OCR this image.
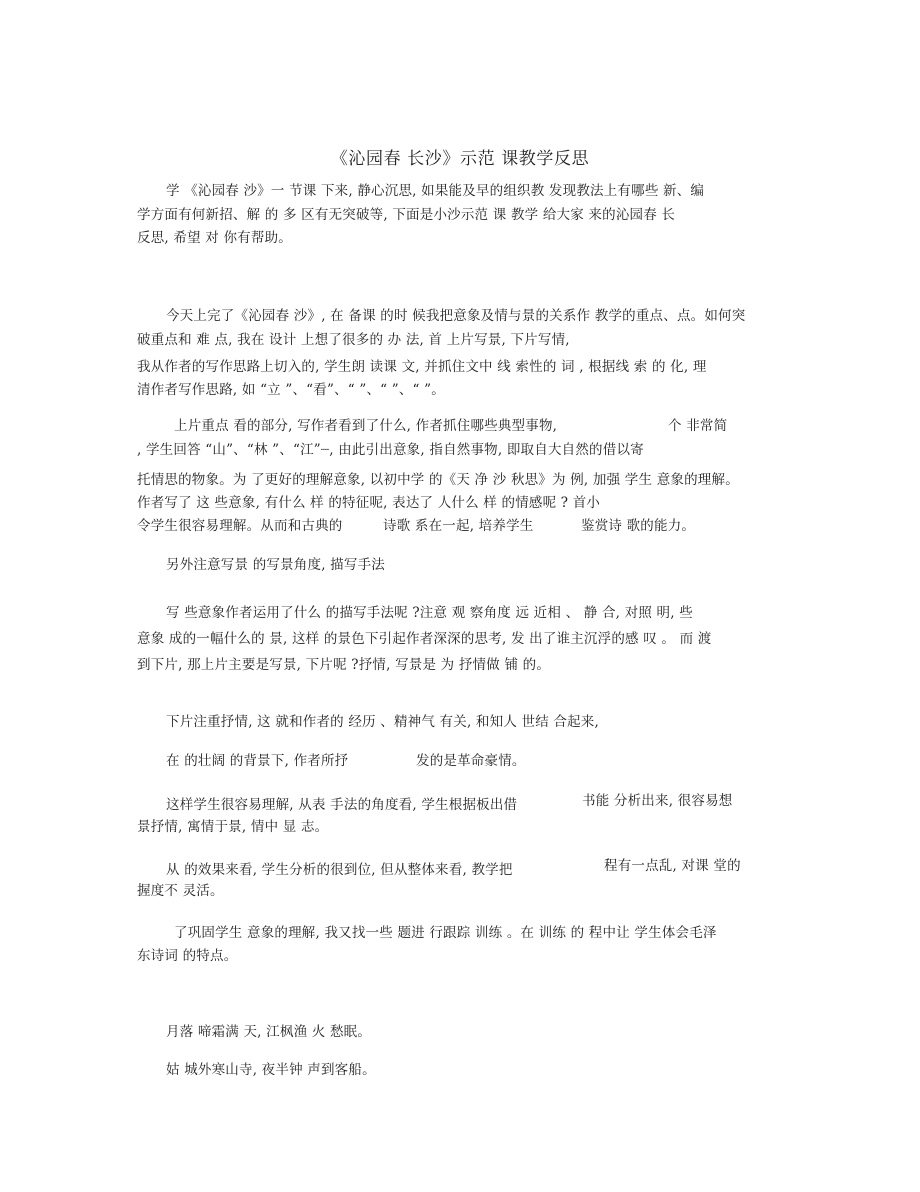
《沁园春 长沙》示范 课教学反思
学 《沁园春 沙》一 节课 下来, 静心沉思, 如果能及早的组织教 发现教法上有哪些 新、编
学方面有何新招、解 的 多 区有无突破等, 下面是小沙示范 课 教学 给大家 来的沁园春 长
反思, 希望 对 你有帮助。
今天上完了《沁园春 沙》, 在 备课 的时 候我把意象及情与景的关系作 教学的重点、点。如何突
破重点和 难 点, 我在 设计 上想了很多的 办 法, 首 上片写景, 下片写情,
我从作者的写作思路上切入的, 学生朗 读课 文, 并抓住文中 线 索性的 词 , 根据线 索 的 化, 理
清作者写作思路, 如 “立 ”、“看”、“ ”、“ ”、“ ”。
上片重点 看的部分, 写作者看到了什么, 作者抓住哪些典型事物,	个 非常简
, 学生回答 “山”、“林 ”、“江”┈, 由此引出意象, 指自然事物, 即取自大自然的借以寄
托情思的物象。为 了更好的理解意象, 以初中学 的《天 净 沙 秋思》为 例, 加强 学生 意象的理解。
作者写了 这 些意象, 有什么 样 的特征呢, 表达了 人什么 样 的情感呢 ? 首小
令学生很容易理解。从而和古典的	诗歌 系在一起, 培养学生	鉴赏诗 歌的能力。
另外注意写景 的写景角度, 描写手法
写 些意象作者运用了什么 的描写手法呢 ?注意 观 察角度 远 近相 、 静 合, 对照 明, 些
意象 成的一幅什么的 景, 这样 的景色下引起作者深深的思考, 发 出了谁主沉浮的感 叹 。 而 渡
到下片, 那上片主要是写景, 下片呢 ?抒情, 写景是 为 抒情做 铺 的。
下片注重抒情, 这 就和作者的 经历 、精神气 有关, 和知人 世结 合起来,
在 的壮阔 的背景下, 作者所抒	发的是革命豪情。
这样学生很容易理解, 从表 手法的角度看, 学生根据板出借	书能 分析出来, 很容易想
景抒情, 寓情于景, 情中 显 志。
从 的效果来看, 学生分析的很到位, 但从整体来看, 教学把	程有一点乱, 对课 堂的
握度不 灵活。
了巩固学生 意象的理解, 我又找一些 题进 行跟踪 训练 。在 训练 的 程中让 学生体会毛泽
东诗词 的特点。
月落 啼霜满 天, 江枫渔 火 愁眠。
姑 城外寒山寺, 夜半钟 声到客船。
